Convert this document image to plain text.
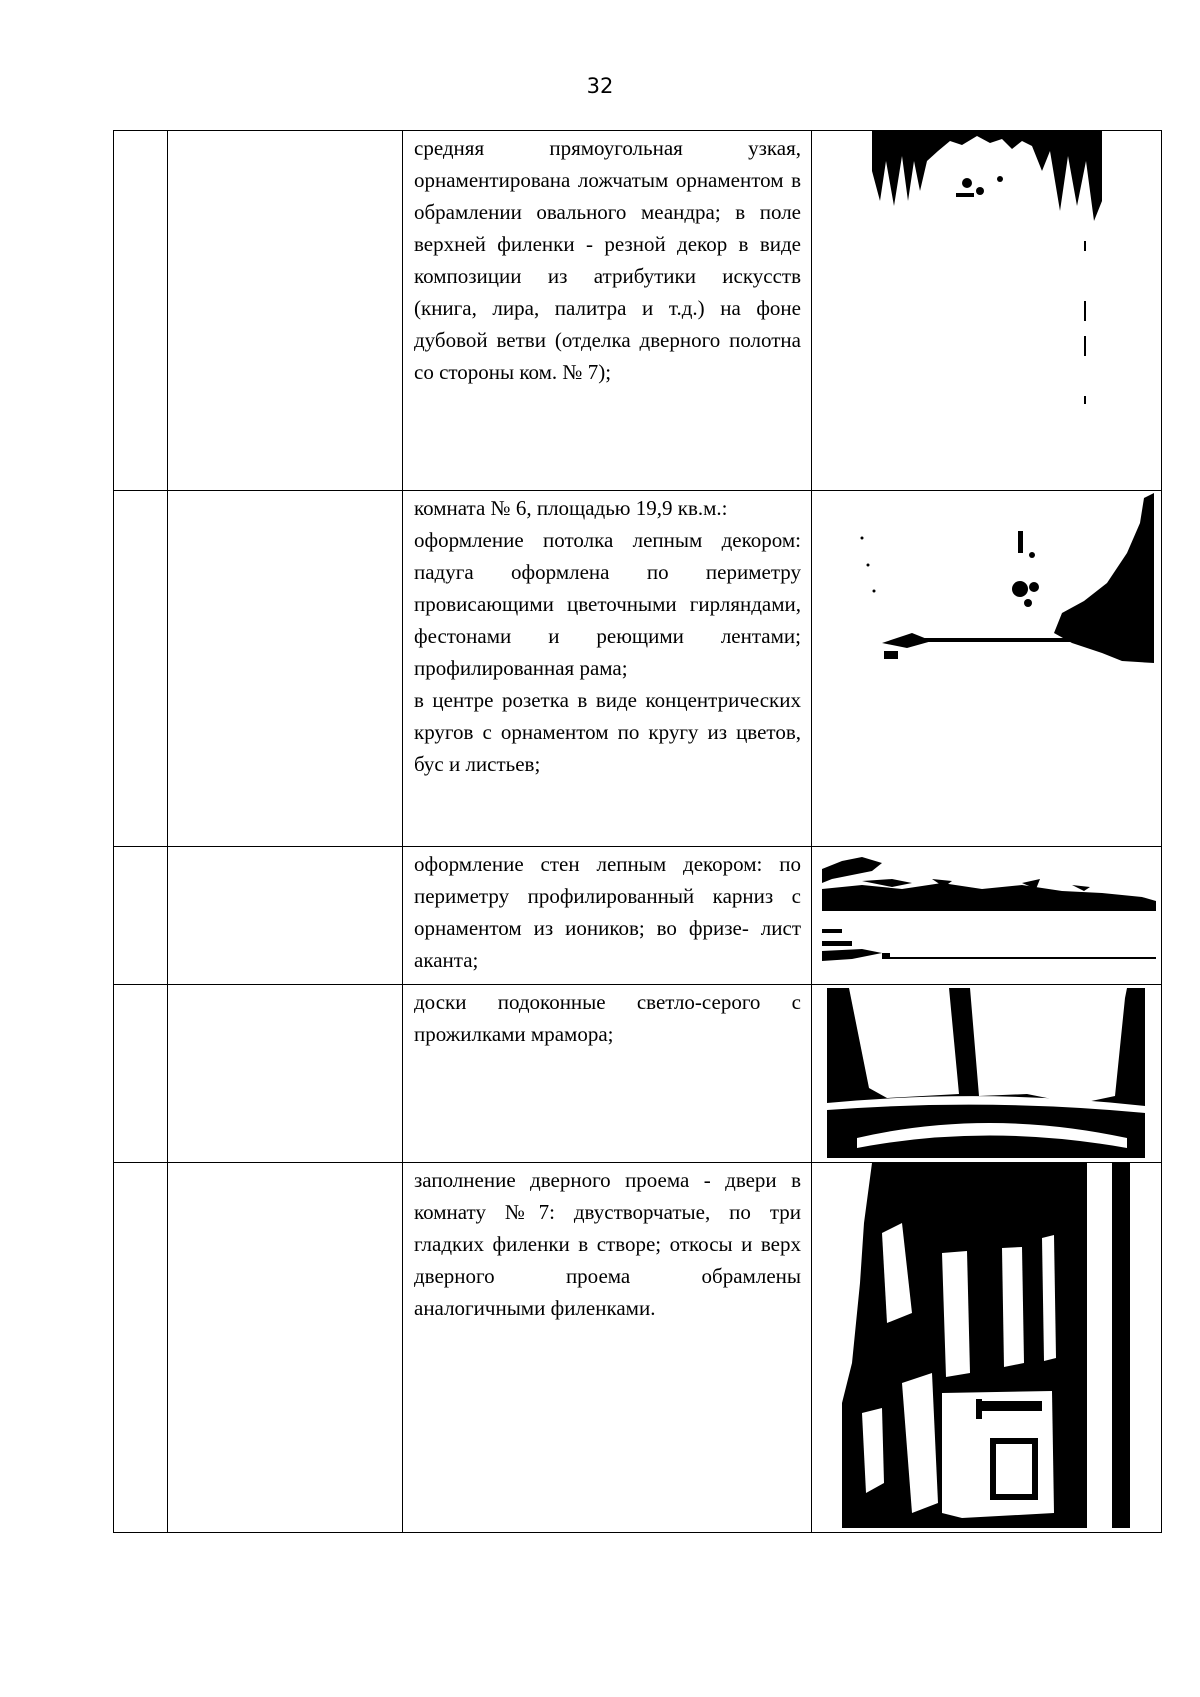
32

		средняя прямоугольная узкая, орнаментирована ложчатым орнаментом в обрамлении овального меандра; в поле верхней филенки - резной декор в виде композиции из атрибутики искусств (книга, лира, палитра и т.д.) на фоне дубовой ветви (отделка дверного полотна со стороны ком. № 7);

		комната № 6, площадью 19,9 кв.м.:
оформление потолка лепным декором: падуга оформлена по периметру провисающими цветочными гирляндами, фестонами и реющими лентами; профилированная рама;
в центре розетка в виде концентрических кругов с орнаментом по кругу из цветов, бус и листьев;

		оформление стен лепным декором: по периметру профилированный карниз с орнаментом из иоников; во фризе- лист аканта;

		доски подоконные светло-серого с прожилками мрамора;

		заполнение дверного проема - двери в комнату №7: двустворчатые, по три гладких филенки в створе; откосы и верх дверного проема обрамлены аналогичными филенками.
